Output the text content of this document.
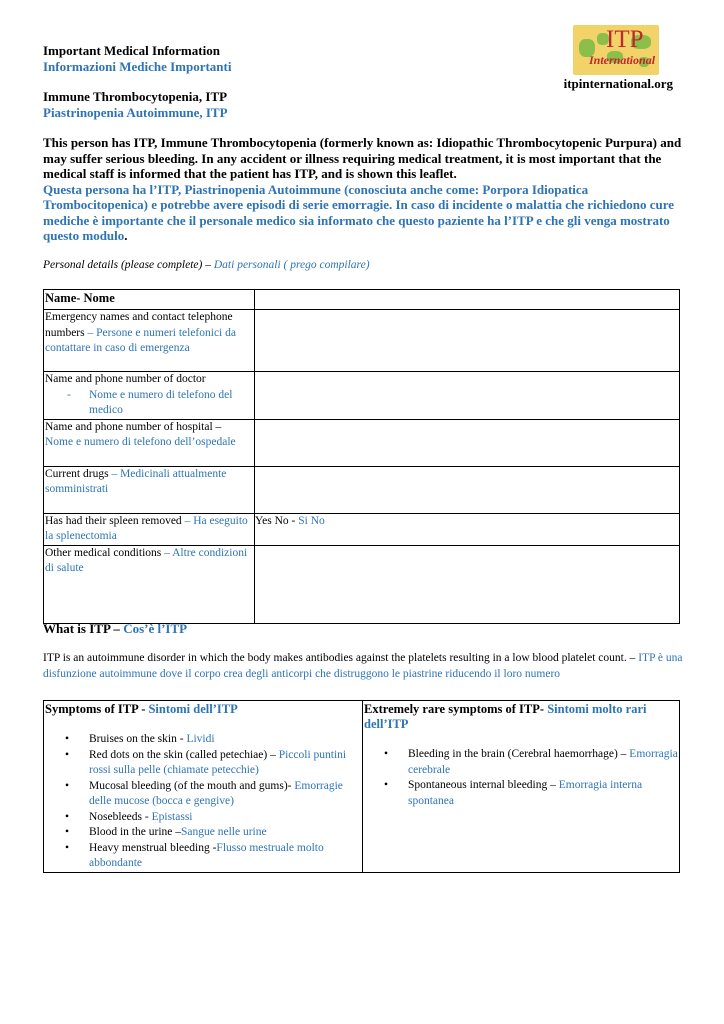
Important Medical Information
Informazioni Mediche Importanti
Immune Thrombocytopenia, ITP
Piastrinopenia Autoimmune, ITP
ITP
International
itpinternational.org
This person has ITP, Immune Thrombocytopenia (formerly known as: Idiopathic Thrombocytopenic Purpura) and may suffer serious bleeding. In any accident or illness requiring medical treatment, it is most important that the medical staff is informed that the patient has ITP, and is shown this leaflet.
Questa persona ha l’ITP, Piastrinopenia Autoimmune (conosciuta anche come: Porpora Idiopatica Trombocitopenica) e potrebbe avere episodi di serie emorragie. In caso di incidente o malattia che richiedono cure mediche è importante che il personale medico sia informato che questo paziente ha l’ITP e che gli venga mostrato questo modulo.
Personal details (please complete) – Dati personali ( prego compilare)
Name- Nome	
Emergency names and contact telephone numbers – Persone e numeri telefonici da contattare in caso di emergenza	

Name and phone number of doctor
- Nome e numero di telefono del medico	

Name and phone number of hospital –
Nome e numero di telefono dell’ospedale	
Current drugs – Medicinali attualmente somministrati	
Has had their spleen removed – Ha eseguito la splenectomia	Yes No - Si No
Other medical conditions – Altre condizioni di salute	
What is ITP – Cos’è l’ITP
ITP is an autoimmune disorder in which the body makes antibodies against the platelets resulting in a low blood platelet count. – ITP è una disfunzione autoimmune dove il corpo crea degli anticorpi che distruggono le piastrine riducendo il loro numero
Symptoms of ITP - Sintomi dell’ITP
• Bruises on the skin - Lividi
• Red dots on the skin (called petechiae) – Piccoli puntini rossi sulla pelle (chiamate petecchie)
• Mucosal bleeding (of the mouth and gums)- Emorragie delle mucose (bocca e gengive)
• Nosebleeds - Epistassi
• Blood in the urine –Sangue nelle urine
• Heavy menstrual bleeding -Flusso mestruale molto abbondante

Extremely rare symptoms of ITP- Sintomi molto rari dell’ITP
• Bleeding in the brain (Cerebral haemorrhage) – Emorragia cerebrale
• Spontaneous internal bleeding – Emorragia interna spontanea
